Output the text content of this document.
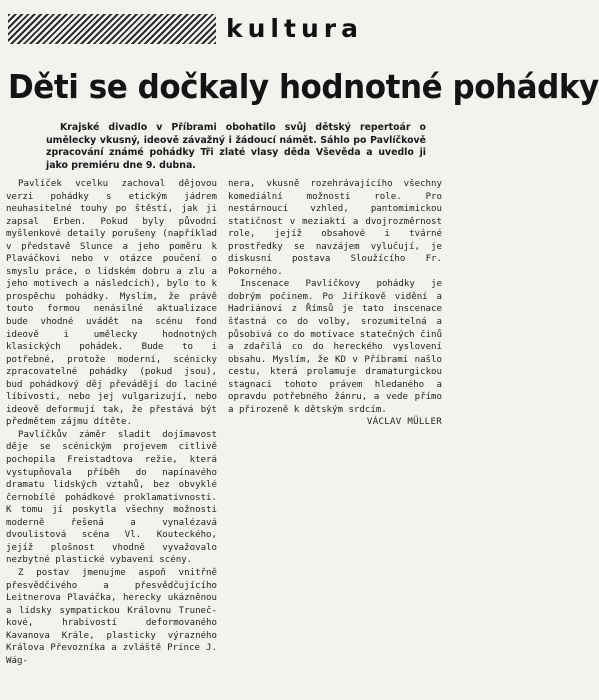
kultura
Děti se dočkaly hodnotné pohádky

Krajské divadlo v Příbrami obohatilo svůj dětský repertoár o umělecky vkusný, ideově závažný i žádoucí námět. Sáhlo po Pavlíčkově zpracování známé pohádky Tři zlaté vlasy děda Vševěda a uvedlo ji jako premiéru dne 9. dubna.

Pavlíček vcelku zachoval dějovou verzi pohádky s etickým jádrem neuhasitelné touhy po štěstí, jak ji zapsal Erben. Pokud byly původní myšlenkové detaily porušeny (například v představě Slunce a jeho poměru k Plaváčkovi nebo v otázce poučení o smyslu práce, o lidském dobru a zlu a jeho motivech a následcích), bylo to k prospěchu pohádky. Myslím, že právě touto formou nenásilné aktualizace bude vhodné uvádět na scénu fond ideově i umělecky hodnotných klasických pohádek. Bude to i potřebné, protože moderní, scénicky zpracovatelné pohádky (pokud jsou), bud pohádkový děj převádějí do laciné líbivosti, nebo jej vulgarizují, nebo ideově deformují tak, že přestává být předmětem zájmu dítěte.

Pavlíčkův záměr sladit dojímavost děje se scénickým projevem citlivě pochopila Freistadtova režie, která vystupňovala příběh do napínavého dramatu lidských vztahů, bez obvyklé černobílé pohádkové proklamativnosti. K tomu jí poskytla všechny možnosti moderně řešená a vynalézavá dvoulistová scéna Vl. Kouteckého, jejíž plošnost vhodně vyvažovalo nezbytné plastické vybavení scény.

Z postav jmenujme aspoň vnitřně přesvědčivého a přesvědčujícího Leitnerova Plaváčka, herecky ukázněnou a lidsky sympatickou Královnu Trunečkové, hrabivostí deformovaného Kavanova Krále, plasticky výrazného Králova Převozníka a zvláště Prince J. Wág-

nera, vkusně rozehrávajícího všechny komediální možnosti role. Pro nestárnoucí vzhled, pantomimickou statičnost v meziaktí a dvojrozměrnost role, jejíž obsahové i tvárné prostředky se navzájem vylučují, je diskusní postava Sloužícího Fr. Pokorného.

Inscenace Pavlíčkovy pohádky je dobrým počinem. Po Jiříkově vidění a Hadriánovi z Římsů je tato inscenace šťastná co do volby, srozumitelná a působivá co do motivace statečných činů a zdařilá co do hereckého vyslovení obsahu. Myslím, že KD v Příbrami našlo cestu, která prolamuje dramaturgickou stagnaci tohoto právem hledaného a opravdu potřebného žánru, a vede přímo a přirozeně k dětským srdcím.

VÁCLAV MÜLLER
